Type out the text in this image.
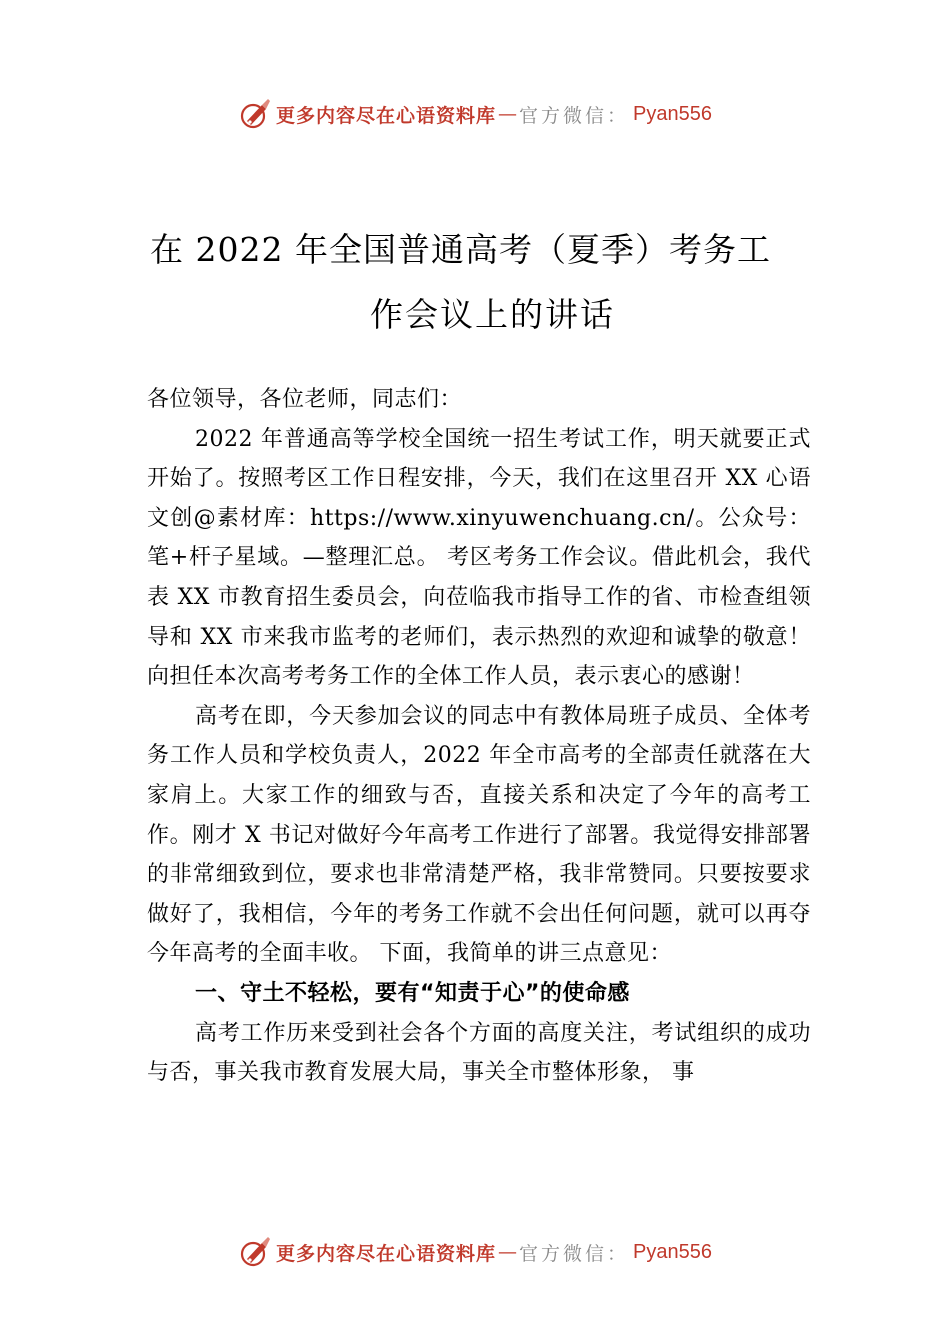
更多内容尽在心语资料库 — 官方微信： Pyan556
在 2022 年全国普通高考（夏季）考务工
作会议上的讲话

各位领导，各位老师，同志们：

2022 年普通高等学校全国统一招生考试工作，明天就要正式开始了。按照考区工作日程安排，今天，我们在这里召开 XX 心语文创@素材库：https://www.xinyuwenchuang.cn/。公众号：笔+杆子星域。—整理汇总。 考区考务工作会议。借此机会，我代表 XX 市教育招生委员会，向莅临我市指导工作的省、市检查组领导和 XX 市来我市监考的老师们，表示热烈的欢迎和诚挚的敬意！向担任本次高考考务工作的全体工作人员，表示衷心的感谢！

高考在即，今天参加会议的同志中有教体局班子成员、全体考务工作人员和学校负责人，2022 年全市高考的全部责任就落在大家肩上。大家工作的细致与否，直接关系和决定了今年的高考工作。刚才 X 书记对做好今年高考工作进行了部署。我觉得安排部署的非常细致到位，要求也非常清楚严格，我非常赞同。只要按要求做好了，我相信，今年的考务工作就不会出任何问题，就可以再夺今年高考的全面丰收。 下面，我简单的讲三点意见：

一、守土不轻松，要有“知责于心”的使命感

高考工作历来受到社会各个方面的高度关注，考试组织的成功与否，事关我市教育发展大局，事关全市整体形象， 事

更多内容尽在心语资料库 — 官方微信： Pyan556
